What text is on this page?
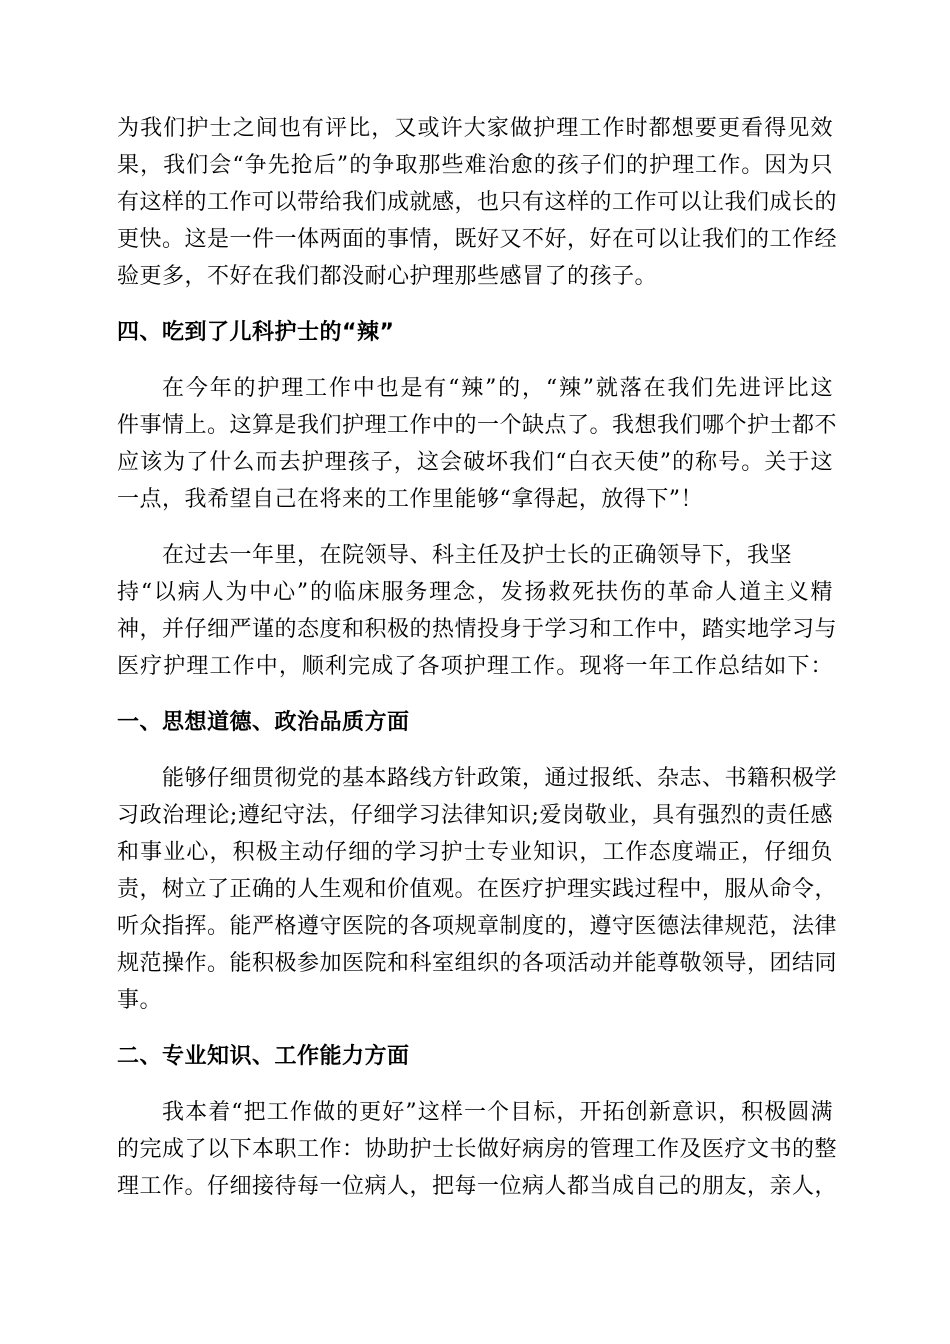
为我们护士之间也有评比，又或许大家做护理工作时都想要更看得见效
果，我们会“争先抢后”的争取那些难治愈的孩子们的护理工作。因为只
有这样的工作可以带给我们成就感，也只有这样的工作可以让我们成长的
更快。这是一件一体两面的事情，既好又不好，好在可以让我们的工作经
验更多，不好在我们都没耐心护理那些感冒了的孩子。
四、吃到了儿科护士的“辣”
在今年的护理工作中也是有“辣”的，“辣”就落在我们先进评比这
件事情上。这算是我们护理工作中的一个缺点了。我想我们哪个护士都不
应该为了什么而去护理孩子，这会破坏我们“白衣天使”的称号。关于这
一点，我希望自己在将来的工作里能够“拿得起，放得下”！
在过去一年里，在院领导、科主任及护士长的正确领导下，我坚
持“以病人为中心”的临床服务理念，发扬救死扶伤的革命人道主义精
神，并仔细严谨的态度和积极的热情投身于学习和工作中，踏实地学习与
医疗护理工作中，顺利完成了各项护理工作。现将一年工作总结如下：
一、思想道德、政治品质方面
能够仔细贯彻党的基本路线方针政策，通过报纸、杂志、书籍积极学
习政治理论;遵纪守法，仔细学习法律知识;爱岗敬业，具有强烈的责任感
和事业心，积极主动仔细的学习护士专业知识，工作态度端正，仔细负
责，树立了正确的人生观和价值观。在医疗护理实践过程中，服从命令，
听众指挥。能严格遵守医院的各项规章制度的，遵守医德法律规范，法律
规范操作。能积极参加医院和科室组织的各项活动并能尊敬领导，团结同
事。
二、专业知识、工作能力方面
我本着“把工作做的更好”这样一个目标，开拓创新意识，积极圆满
的完成了以下本职工作：协助护士长做好病房的管理工作及医疗文书的整
理工作。仔细接待每一位病人，把每一位病人都当成自己的朋友，亲人，
